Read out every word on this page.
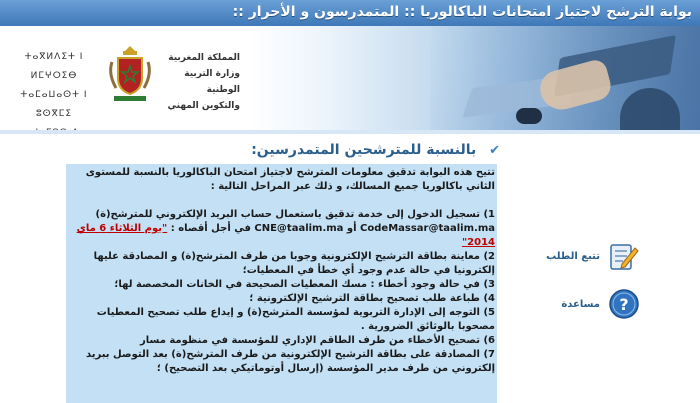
بوابة الترشح لاجتياز امتحانات الباكالوريا :: المتمدرسون و الأحرار ::
ⵜⴰⴳⵍⴷⵉⵜ ⵏ ⵍⵎⵖⵔⵉⴱ
ⵜⴰⵎⴰⵡⴰⵙⵜ ⵏ ⵓⵙⴳⵎⵉ
المملكة المغربية
وزارة التربية الوطنية
والتكوين المهني
✔ بالنسبة للمترشحين المتمدرسين:

تتيح هذه البوابة تدقيق معلومات المترشح لاجتياز امتحان الباكالوريا بالنسبة للمستوى الثاني باكالوريا جميع المسالك، و ذلك عبر المراحل التالية :

1) تسجيل الدخول إلى خدمة تدقيق باستعمال حساب البريد الإلكتروني للمترشح(ة)
CodeMassar@taalim.ma أو CNE@taalim.ma في أجل أقصاه : "يوم الثلاثاء 6 ماي 2014"

2) معاينة بطاقة الترشيح الإلكترونية وجوبا من طرف المترشح(ة) و المصادقة عليها إلكترونيا في حالة عدم وجود أي خطأ في المعطيات؛

3) في حالة وجود أخطاء : مسك المعطيات الصحيحة في الخانات المخصصة لها؛

4) طباعة طلب تصحيح بطاقة الترشيح الإلكترونية ؛

5) التوجه إلى الإدارة التربوية لمؤسسة المترشح(ة) و إيداع طلب تصحيح المعطيات مصحوبا بالوثائق الضرورية .

6) تصحيح الأخطاء من طرف الطاقم الإداري للمؤسسة في منظومة مسار

7) المصادقة على بطاقة الترشيح الإلكترونية من طرف المترشح(ة) بعد التوصل ببريد إلكتروني من طرف مدير المؤسسة (إرسال أوتوماتيكي بعد التصحيح) ؛

تتبع الطلب
?
مساعدة
